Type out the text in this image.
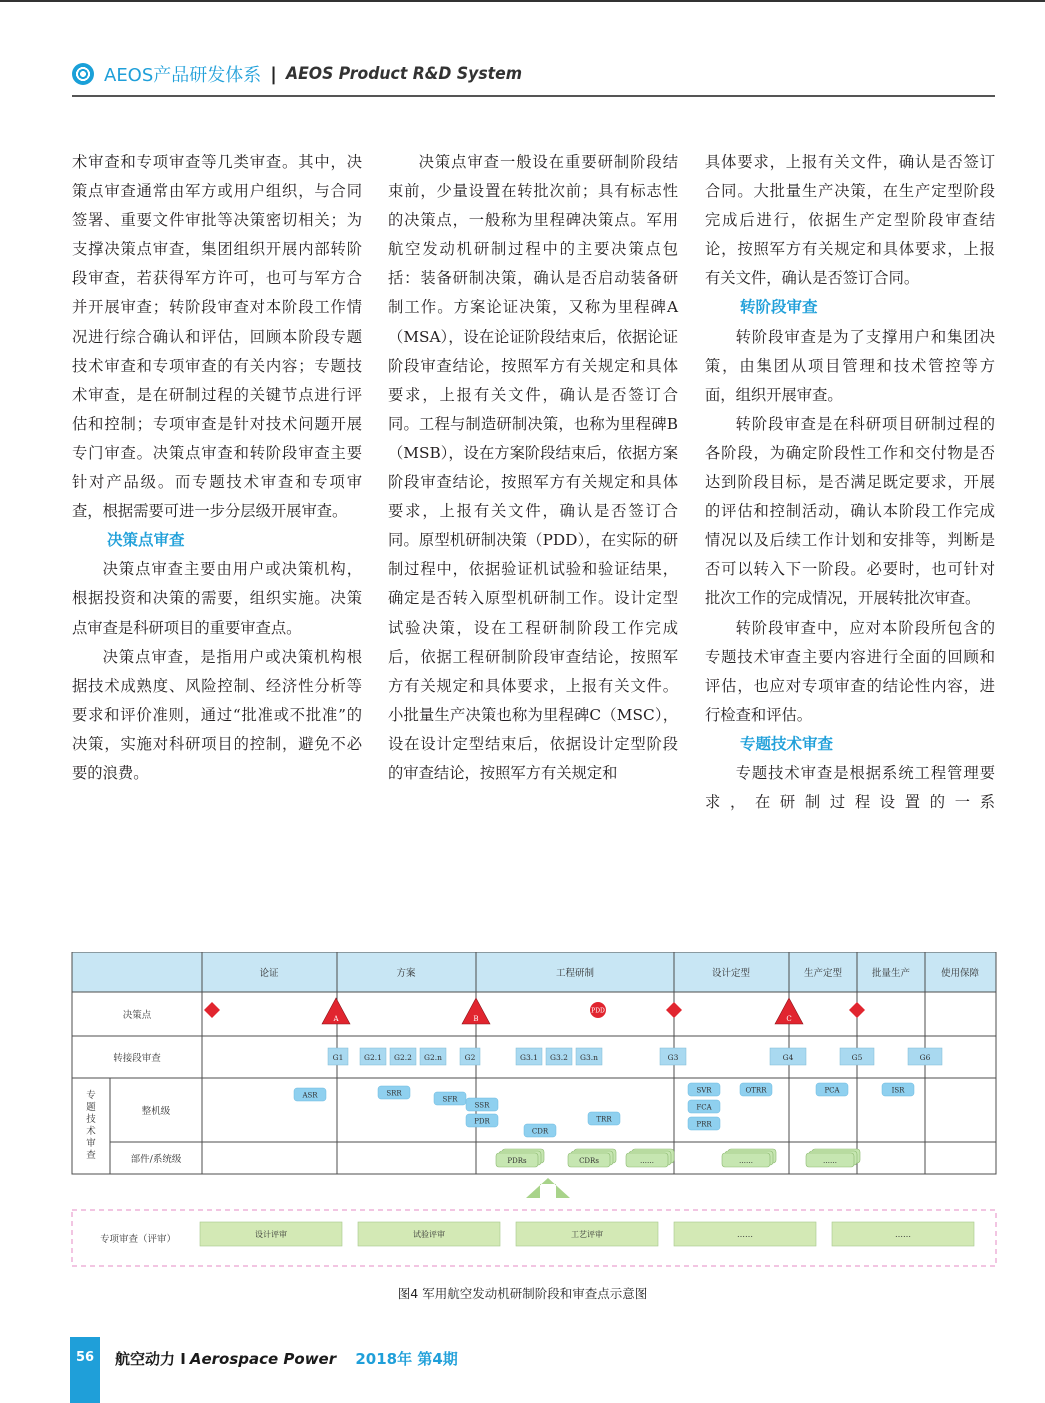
AEOS产品研发体系 | AEOS Product R&D System

术审查和专项审查等几类审查。其中，决策点审查通常由军方或用户组织，与合同签署、重要文件审批等决策密切相关；为支撑决策点审查，集团组织开展内部转阶段审查，若获得军方许可，也可与军方合并开展审查；转阶段审查对本阶段工作情况进行综合确认和评估，回顾本阶段专题技术审查和专项审查的有关内容；专题技术审查，是在研制过程的关键节点进行评估和控制；专项审查是针对技术问题开展专门审查。决策点审查和转阶段审查主要针对产品级。而专题技术审查和专项审查，根据需要可进一步分层级开展审查。

决策点审查

决策点审查主要由用户或决策机构，根据投资和决策的需要，组织实施。决策点审查是科研项目的重要审查点。

决策点审查，是指用户或决策机构根据技术成熟度、风险控制、经济性分析等要求和评价准则，通过“批准或不批准”的决策，实施对科研项目的控制，避免不必要的浪费。

决策点审查一般设在重要研制阶段结束前，少量设置在转批次前；具有标志性的决策点，一般称为里程碑决策点。军用航空发动机研制过程中的主要决策点包括：装备研制决策，确认是否启动装备研制工作。方案论证决策，又称为里程碑A（MSA），设在论证阶段结束后，依据论证阶段审查结论，按照军方有关规定和具体要求，上报有关文件，确认是否签订合同。工程与制造研制决策，也称为里程碑B（MSB），设在方案阶段结束后，依据方案阶段审查结论，按照军方有关规定和具体要求，上报有关文件，确认是否签订合同。原型机研制决策（PDD），在实际的研制过程中，依据验证机试验和验证结果，确定是否转入原型机研制工作。设计定型试验决策，设在工程研制阶段工作完成后，依据工程研制阶段审查结论，按照军方有关规定和具体要求，上报有关文件。小批量生产决策也称为里程碑C（MSC），设在设计定型结束后，依据设计定型阶段的审查结论，按照军方有关规定和

具体要求，上报有关文件，确认是否签订合同。大批量生产决策，在生产定型阶段完成后进行，依据生产定型阶段审查结论，按照军方有关规定和具体要求，上报有关文件，确认是否签订合同。

转阶段审查

转阶段审查是为了支撑用户和集团决策，由集团从项目管理和技术管控等方面，组织开展审查。

转阶段审查是在科研项目研制过程的各阶段，为确定阶段性工作和交付物是否达到阶段目标，是否满足既定要求，开展的评估和控制活动，确认本阶段工作完成情况以及后续工作计划和安排等，判断是否可以转入下一阶段。必要时，也可针对批次工作的完成情况，开展转批次审查。

转阶段审查中，应对本阶段所包含的专题技术审查主要内容进行全面的回顾和评估，也应对专项审查的结论性内容，进行检查和评估。

专题技术审查

专题技术审查是根据系统工程管理要求，在研制过程设置的一系

论证	方案	工程研制	设计定型	生产定型	批量生产	使用保障
决策点
转接段审查
整机级
部件/系统级
专题技术审查
A	B
PDD
C
G1	G2.1 G2.2 G2.n	G2	G3.1 G3.2 G3.n	G3	G4	G5	G6
ASR	SRR
SFR
SSR
PDR
CDR
TRR
SVR	OTRR
FCA
PRR
PCA	ISR
PDRs	CDRs	……	……	……
专项审查（评审）	设计评审	试验评审	工艺评审	……	……
图4 军用航空发动机研制阶段和审查点示意图
56	航空动力 I Aerospace Power 2018年 第4期
